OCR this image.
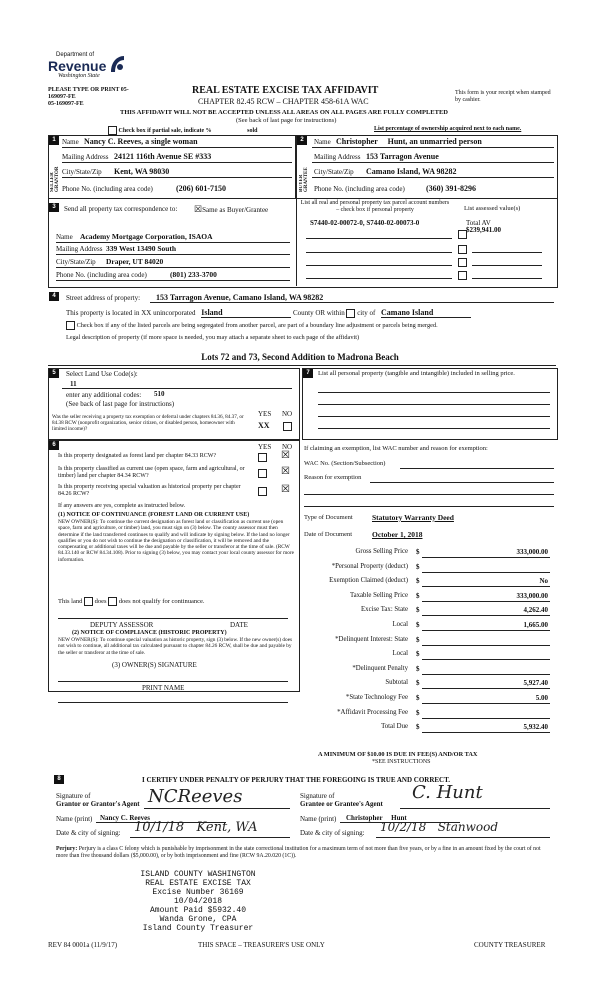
Department of
Revenue
Washington State
PLEASE TYPE OR PRINT 05-
169097-FE
05-169097-FE
REAL ESTATE EXCISE TAX AFFIDAVIT
CHAPTER 82.45 RCW – CHAPTER 458-61A WAC
This form is your receipt when stamped by cashier.
THIS AFFIDAVIT WILL NOT BE ACCEPTED UNLESS ALL AREAS ON ALL PAGES ARE FULLY COMPLETED
(See back of last page for instructions)
Check box if partial sale, indicate %	sold	List percentage of ownership acquired next to each name.
1
SELLER GRANTOR
Name Nancy C. Reeves, a single woman
Mailing Address 24121 116th Avenue SE #333
City/State/Zip Kent, WA 98030
Phone No. (including area code)	(206) 601-7150
2
BUYER GRANTEE
Name Christopher     Hunt, an unmarried person
Mailing Address 153 Tarragon Avenue
City/State/Zip Camano Island, WA 98282
Phone No. (including area code)	(360) 391-8296
3	Send all property tax correspondence to: ☒Same as Buyer/Grantee
List all real and personal property tax parcel account numbers – check box if personal property	List assessed value(s)
S7440-02-00072-0, S7440-02-00073-0	Total AV
$239,941.00
Name Academy Mortgage Corporation, ISAOA
Mailing Address 339 West 13490 South
City/State/Zip Draper, UT 84020
Phone No. (including area code)	(801) 233-3700
4	Street address of property: 153 Tarragon Avenue, Camano Island, WA 98282
This property is located in XX unincorporated Island	County OR within city of Camano Island
Check box if any of the listed parcels are being segregated from another parcel, are part of a boundary line adjustment or parcels being merged.
Legal description of property (if more space is needed, you may attach a separate sheet to each page of the affidavit)
Lots 72 and 73, Second Addition to Madrona Beach
5	Select Land Use Code(s):
11
enter any additional codes: 510
(See back of last page for instructions)
YES NO
Was the seller receiving a property tax exemption or deferral under chapters 84.36, 84.37, or 84.38 RCW (nonprofit organization, senior citizen, or disabled person, homeowner with limited income)?	XX
6	YES NO
Is this property designated as forest land per chapter 84.33 RCW?	☒
Is this property classified as current use (open space, farm and agricultural, or timber) land per chapter 84.34 RCW?	☒
Is this property receiving special valuation as historical property per chapter 84.26 RCW?	☒
If any answers are yes, complete as instructed below.
(1) NOTICE OF CONTINUANCE (FOREST LAND OR CURRENT USE)
NEW OWNER(S): To continue the current designation as forest land or classification as current use (open space, farm and agriculture, or timber) land, you must sign on (3) below. The county assessor must then determine if the land transferred continues to qualify and will indicate by signing below. If the land no longer qualifies or you do not wish to continue the designation or classification, it will be removed and the compensating or additional taxes will be due and payable by the seller or transferor at the time of sale. (RCW 84.33.140 or RCW 84.34.108). Prior to signing (3) below, you may contact your local county assessor for more information.
This land does does not qualify for continuance.
DEPUTY ASSESSOR	DATE
(2) NOTICE OF COMPLIANCE (HISTORIC PROPERTY)
NEW OWNER(S): To continue special valuation as historic property, sign (3) below. If the new owner(s) does not wish to continue, all additional tax calculated pursuant to chapter 84.26 RCW, shall be due and payable by the seller or transferor at the time of sale.
(3) OWNER(S) SIGNATURE
PRINT NAME
7	List all personal property (tangible and intangible) included in selling price.
If claiming an exemption, list WAC number and reason for exemption:
WAC No. (Section/Subsection)
Reason for exemption
Type of Document	Statutory Warranty Deed
Date of Document	October 1, 2018
Gross Selling Price $	333,000.00
*Personal Property (deduct) $
Exemption Claimed (deduct) $	No
Taxable Selling Price $	333,000.00
Excise Tax: State $	4,262.40
Local $	1,665.00
*Delinquent Interest: State $
Local $
*Delinquent Penalty $
Subtotal $	5,927.40
*State Technology Fee $	5.00
*Affidavit Processing Fee $
Total Due $	5,932.40
A MINIMUM OF $10.00 IS DUE IN FEE(S) AND/OR TAX
*SEE INSTRUCTIONS
8	I CERTIFY UNDER PENALTY OF PERJURY THAT THE FOREGOING IS TRUE AND CORRECT.
Signature of
Grantor or Grantor's Agent NCReeves
Name (print) Nancy C. Reeves
Date & city of signing: 10/1/18   Kent, WA
Signature of
Grantee or Grantee's Agent
C. Hunt
Name (print) Christopher     Hunt
Date & city of signing: 10/2/18   Stanwood
Perjury: Perjury is a class C felony which is punishable by imprisonment in the state correctional institution for a maximum term of not more than five years, or by a fine in an amount fixed by the court of not more than five thousand dollars ($5,000.00), or by both imprisonment and fine (RCW 9A.20.020 (1C)).
ISLAND COUNTY WASHINGTON
REAL ESTATE EXCISE TAX
Excise Number 36169
10/04/2018
Amount Paid $5932.40
Wanda Grone, CPA
Island County Treasurer
REV 84 0001a (11/9/17)	THIS SPACE – TREASURER'S USE ONLY	COUNTY TREASURER
